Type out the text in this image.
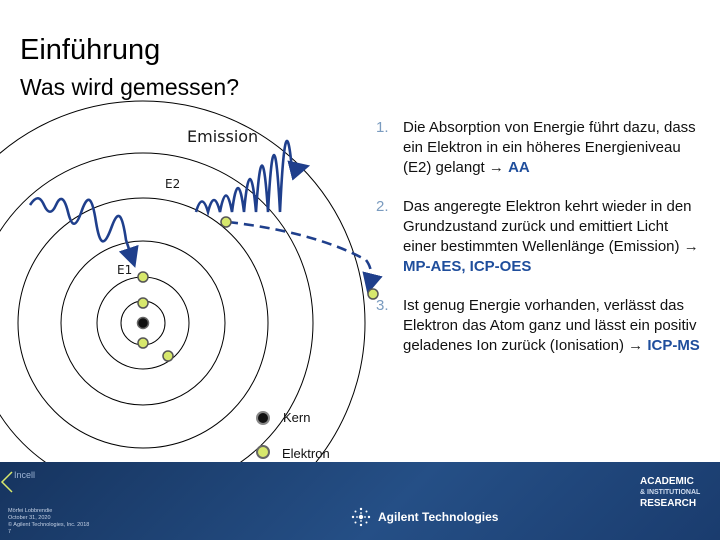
Einführung
Was wird gemessen?
Emission
E2
E1
Kern
Elektron
1. Die Absorption von Energie führt dazu, dass ein Elektron in ein höheres Energieniveau (E2) gelangt → AA
2. Das angeregte Elektron kehrt wieder in den Grundzustand zurück und emittiert Licht einer bestimmten Wellenlänge (Emission) → MP-AES, ICP-OES
3. Ist genug Energie vorhanden, verlässt das Elektron das Atom ganz und lässt ein positiv geladenes Ion zurück (Ionisation) → ICP-MS
Incell
Mörfei Lobbrendie
October 31, 2020
© Agilent Technologies, Inc. 2018
7
Agilent Technologies
ACADEMIC
& INSTITUTIONAL
RESEARCH
